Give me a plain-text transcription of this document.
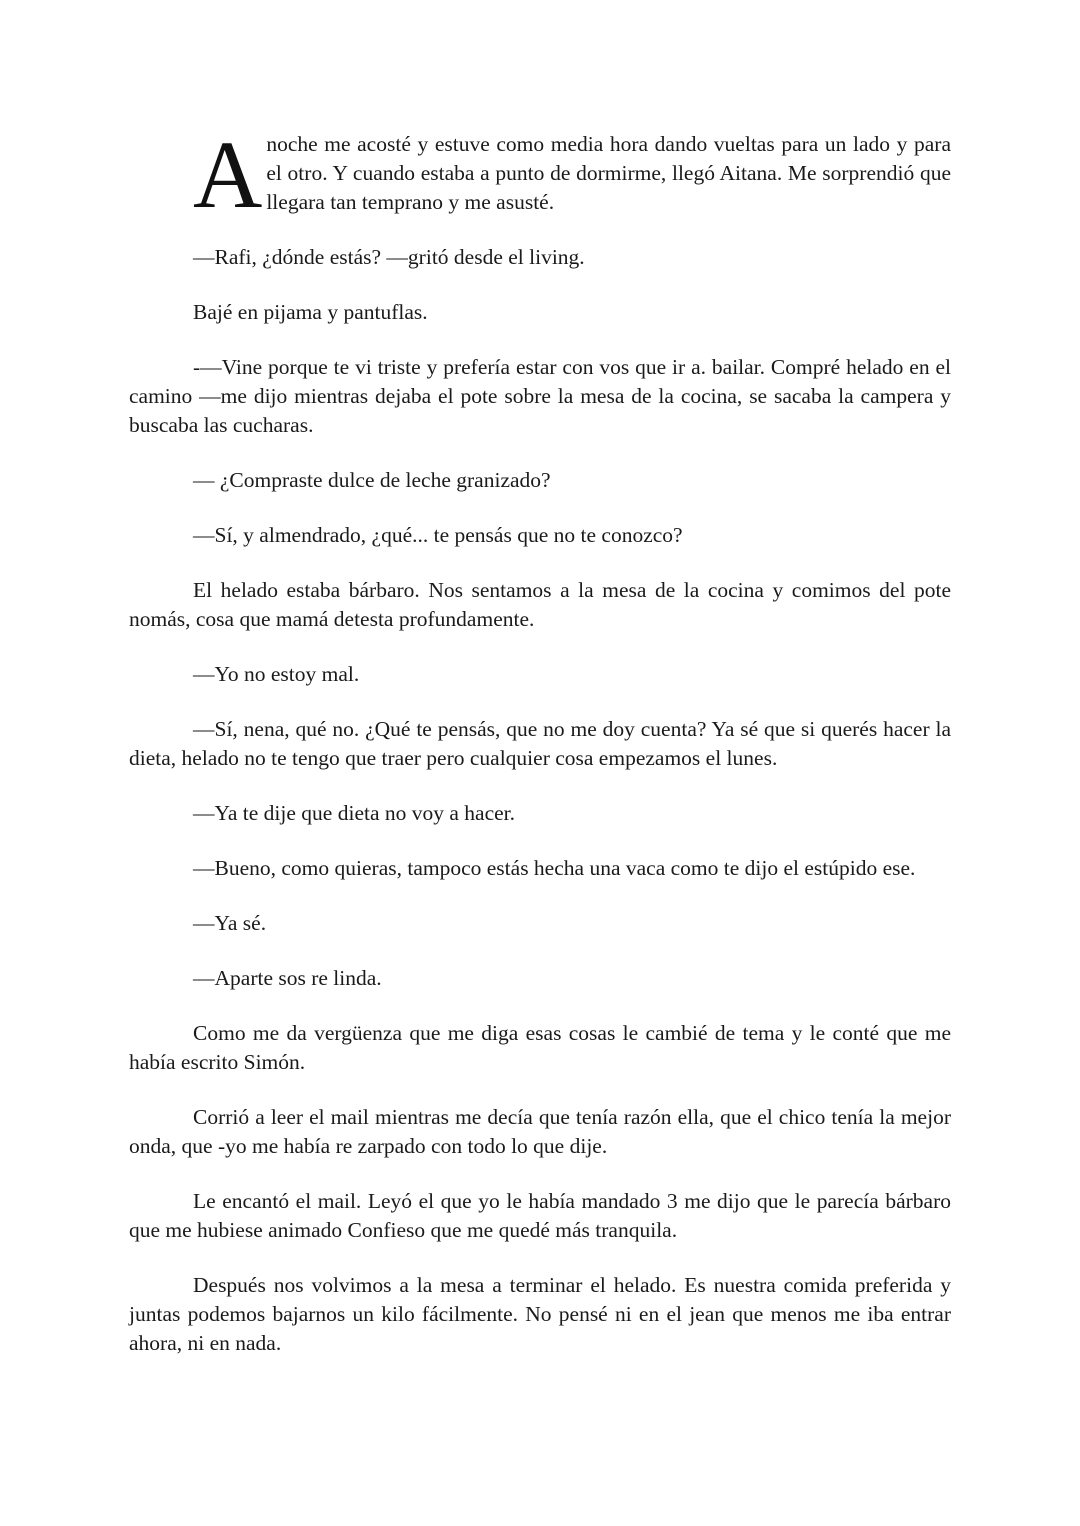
A noche me acosté y estuve como media hora dando vueltas para un lado y para el otro. Y cuando estaba a punto de dormirme, llegó Aitana. Me sorprendió que llegara tan temprano y me asusté.

—Rafi, ¿dónde estás? —gritó desde el living.

Bajé en pijama y pantuflas.

-—Vine porque te vi triste y prefería estar con vos que ir a. bailar. Compré helado en el camino —me dijo mientras dejaba el pote sobre la mesa de la cocina, se sacaba la campera y buscaba las cucharas.

— ¿Compraste dulce de leche granizado?

—Sí, y almendrado, ¿qué... te pensás que no te conozco?

El helado estaba bárbaro. Nos sentamos a la mesa de la cocina y comimos del pote nomás, cosa que mamá detesta profundamente.

—Yo no estoy mal.

—Sí, nena, qué no. ¿Qué te pensás, que no me doy cuenta? Ya sé que si querés hacer la dieta, helado no te tengo que traer pero cualquier cosa empezamos el lunes.

—Ya te dije que dieta no voy a hacer.

—Bueno, como quieras, tampoco estás hecha una vaca como te dijo el estúpido ese.

—Ya sé.

—Aparte sos re linda.

Como me da vergüenza que me diga esas cosas le cambié de tema y le conté que me había escrito Simón.

Corrió a leer el mail mientras me decía que tenía razón ella, que el chico tenía la mejor onda, que -yo me había re zarpado con todo lo que dije.

Le encantó el mail. Leyó el que yo le había mandado 3 me dijo que le parecía bárbaro que me hubiese animado Confieso que me quedé más tranquila.

Después nos volvimos a la mesa a terminar el helado. Es nuestra comida preferida y juntas podemos bajarnos un kilo fácilmente. No pensé ni en el jean que menos me iba entrar ahora, ni en nada.
